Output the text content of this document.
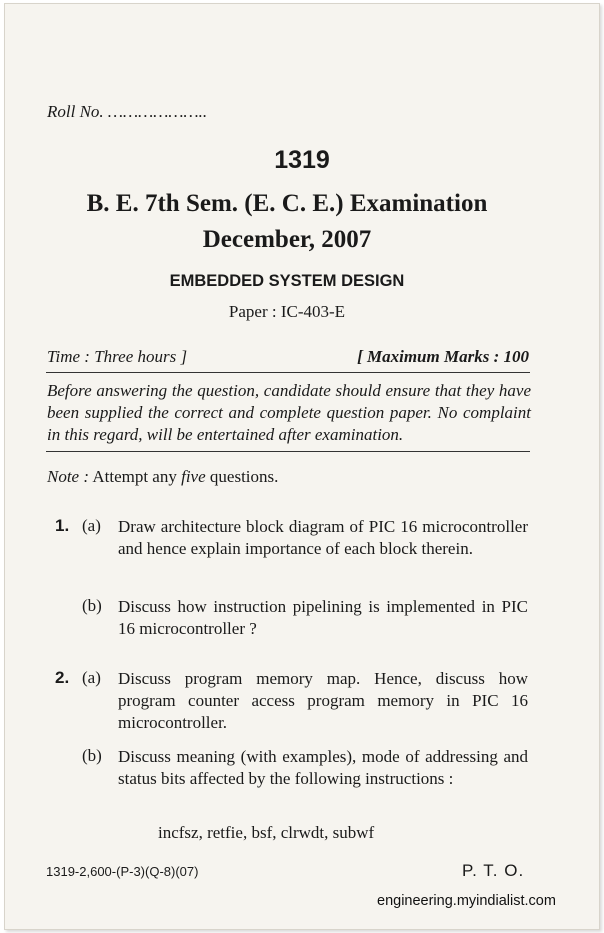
Roll No. ………………..
1319
B. E. 7th Sem. (E. C. E.) Examination
December, 2007
EMBEDDED SYSTEM DESIGN
Paper : IC-403-E
Time : Three hours ]	[ Maximum Marks : 100
Before answering the question, candidate should ensure that they have been supplied the correct and complete question paper. No complaint in this regard, will be entertained after examination.
Note : Attempt any five questions.
1. (a) Draw architecture block diagram of PIC 16 microcontroller and hence explain importance of each block therein.
(b) Discuss how instruction pipelining is implemented in PIC 16 microcontroller ?
2. (a) Discuss program memory map. Hence, discuss how program counter access program memory in PIC 16 microcontroller.
(b) Discuss meaning (with examples), mode of addressing and status bits affected by the following instructions :
incfsz, retfie, bsf, clrwdt, subwf
1319-2,600-(P-3)(Q-8)(07)	P. T. O.
engineering.myindialist.com
